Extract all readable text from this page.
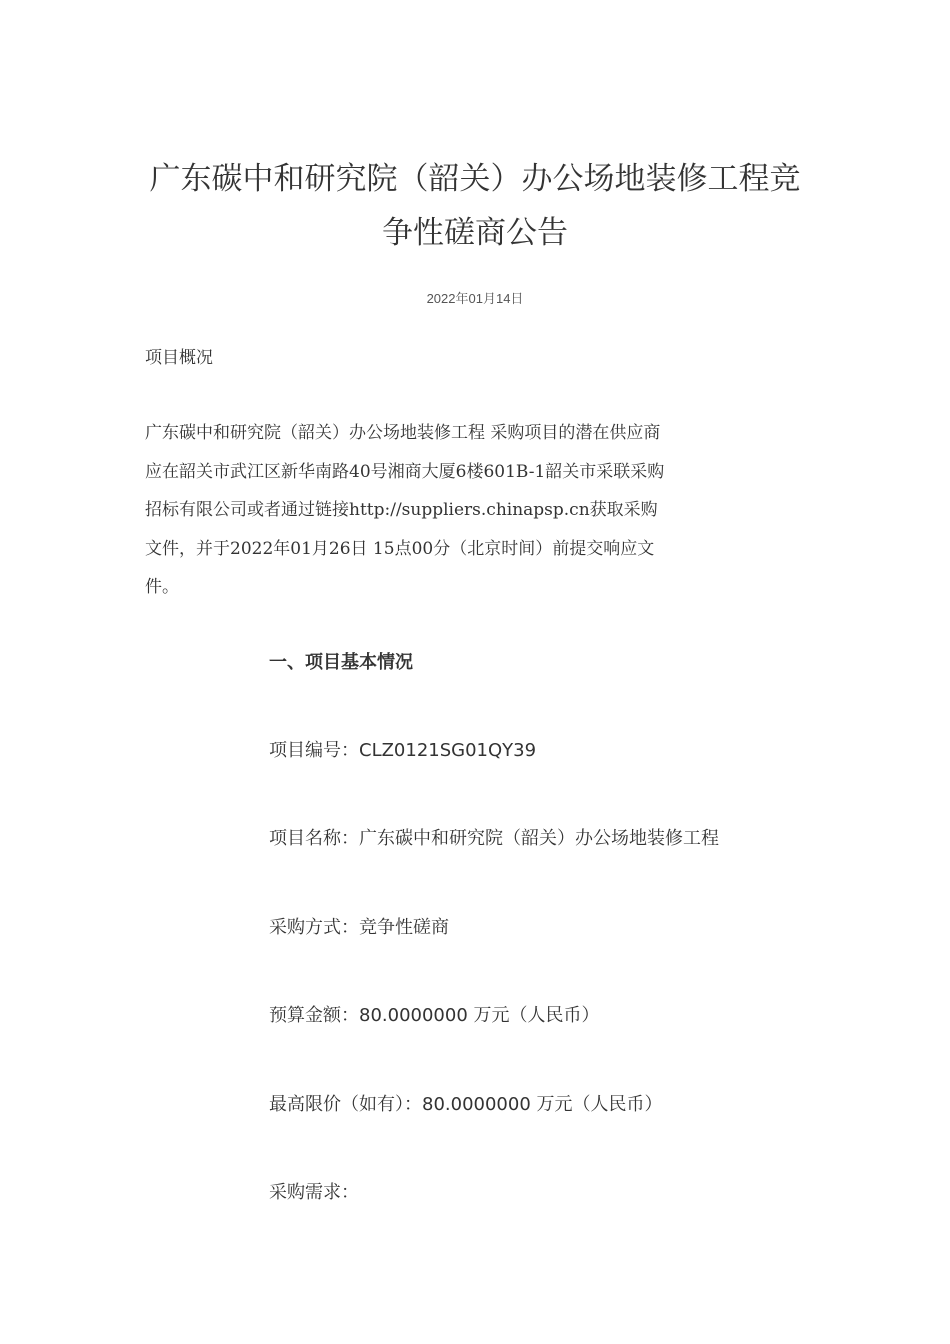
广东碳中和研究院（韶关）办公场地装修工程竞
争性磋商公告
2022年01月14日
项目概况
广东碳中和研究院（韶关）办公场地装修工程 采购项目的潜在供应商
应在韶关市武江区新华南路40号湘商大厦6楼601B-1韶关市采联采购
招标有限公司或者通过链接http://suppliers.chinapsp.cn获取采购
文件，并于2022年01月26日 15点00分（北京时间）前提交响应文
件。
一、项目基本情况
项目编号：CLZ0121SG01QY39
项目名称：广东碳中和研究院（韶关）办公场地装修工程
采购方式：竞争性磋商
预算金额：80.0000000 万元（人民币）
最高限价（如有）：80.0000000 万元（人民币）
采购需求：
